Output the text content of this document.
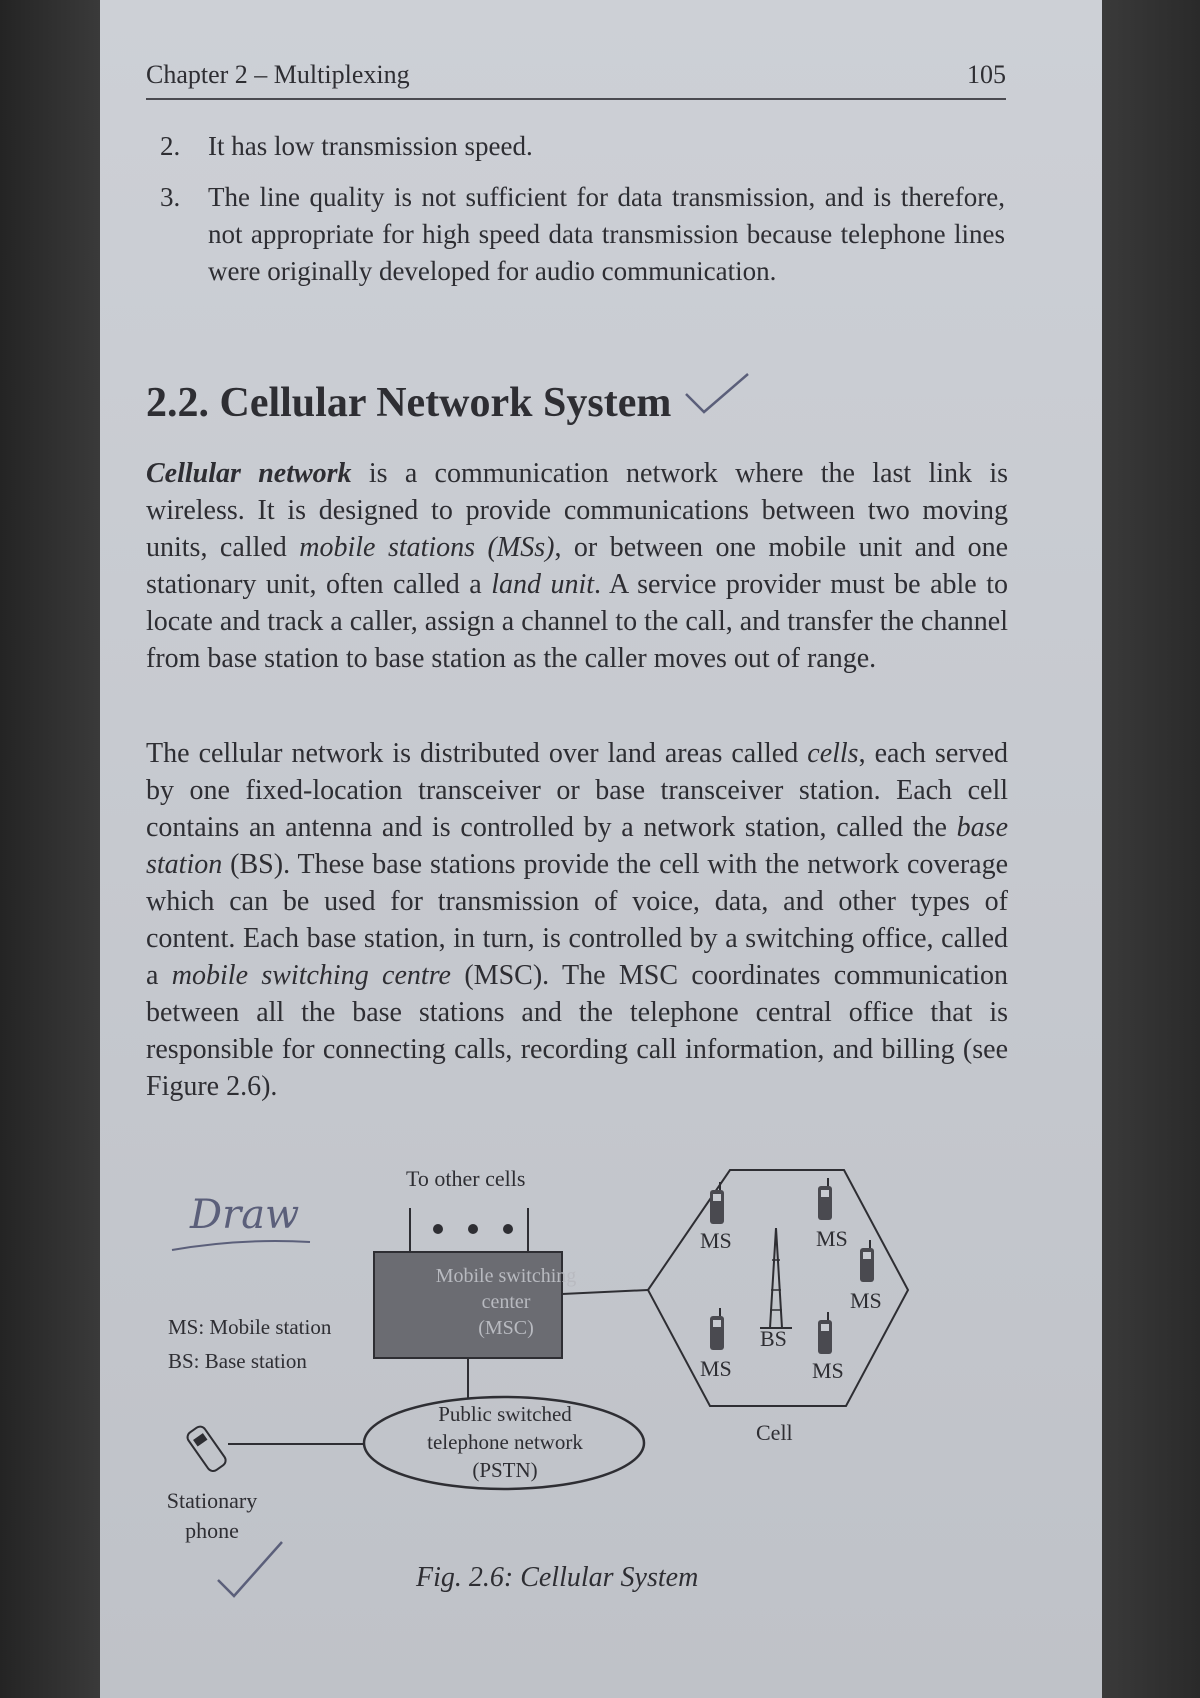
Chapter 2 – Multiplexing	105
2.	It has low transmission speed.
3.	The line quality is not sufficient for data transmission, and is therefore, not appropriate for high speed data transmission because telephone lines were originally developed for audio communication.
2.2. Cellular Network System
Cellular network is a communication network where the last link is wireless. It is designed to provide communications between two moving units, called mobile stations (MSs), or between one mobile unit and one stationary unit, often called a land unit. A service provider must be able to locate and track a caller, assign a channel to the call, and transfer the channel from base station to base station as the caller moves out of range.
The cellular network is distributed over land areas called cells, each served by one fixed-location transceiver or base transceiver station. Each cell contains an antenna and is controlled by a network station, called the base station (BS). These base stations provide the cell with the network coverage which can be used for transmission of voice, data, and other types of content. Each base station, in turn, is controlled by a switching office, called a mobile switching centre (MSC). The MSC coordinates communication between all the base stations and the telephone central office that is responsible for connecting calls, recording call information, and billing (see Figure 2.6).
Draw
To other cells
Mobile switching
center
(MSC)
Public switched
telephone network
(PSTN)
MS: Mobile station
BS: Base station
Stationary
phone
MS	MS
MS
MS	MS
BS
Cell
Fig. 2.6: Cellular System
